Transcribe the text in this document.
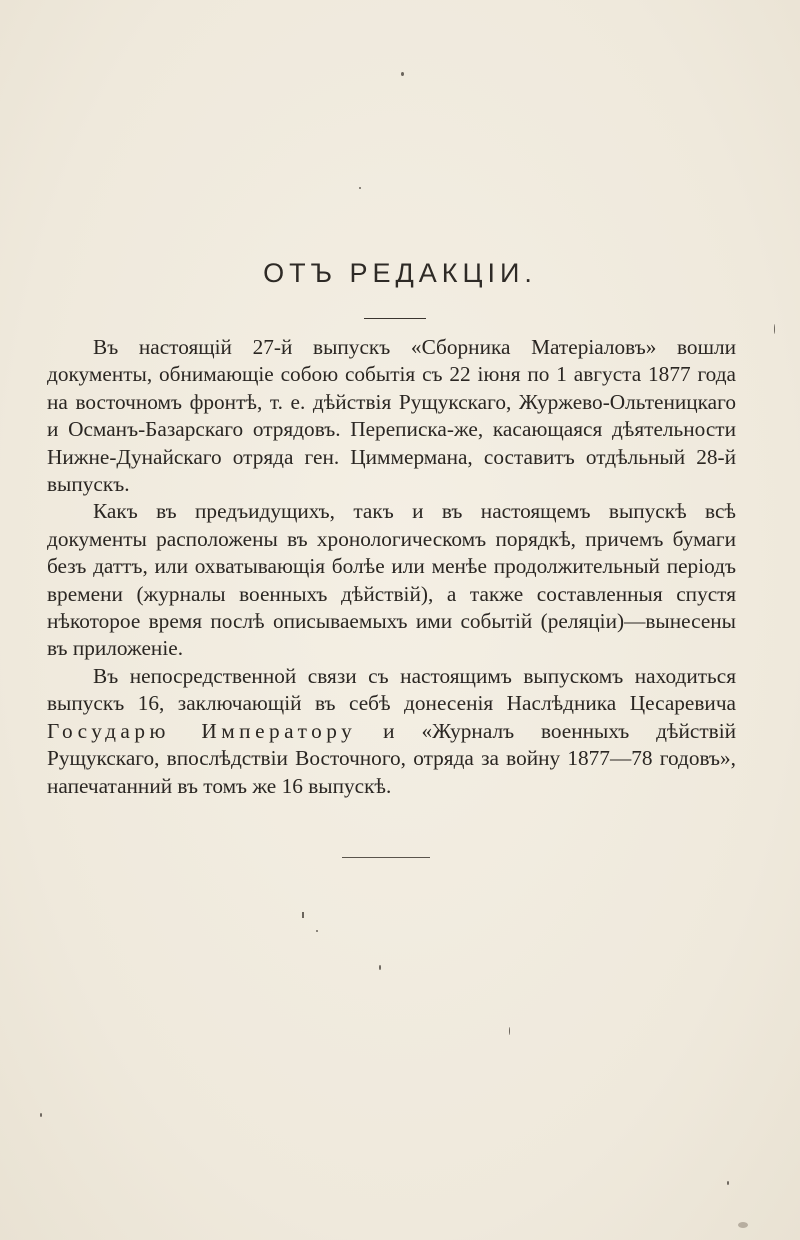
ОТЪ РЕДАКЦІИ.

Въ настоящій 27-й выпускъ «Сборника Матеріаловъ» вошли документы, обнимающіе собою событія съ 22 іюня по 1 августа 1877 года на восточномъ фронтѣ, т. е. дѣйствія Рущукскаго, Журжево-Ольтеницкаго и Османъ-Базарскаго отрядовъ. Переписка-же, касающаяся дѣятельности Нижне-Дунайскаго отряда ген. Циммермана, составитъ отдѣльный 28-й выпускъ.

Какъ въ предъидущихъ, такъ и въ настоящемъ выпускѣ всѣ документы расположены въ хронологическомъ порядкѣ, причемъ бумаги безъ даттъ, или охватывающія болѣе или менѣе продолжительный періодъ времени (журналы военныхъ дѣйствій), а также составленныя спустя нѣкоторое время послѣ описываемыхъ ими событій (реляціи)—вынесены въ приложеніе.

Въ непосредственной связи съ настоящимъ выпускомъ находиться выпускъ 16, заключающій въ себѣ донесенія Наслѣдника Цесаревича Государю Императору и «Журналъ военныхъ дѣйствій Рущукскаго, впослѣдствіи Восточного, отряда за войну 1877—78 годовъ», напечатанний въ томъ же 16 выпускѣ.
